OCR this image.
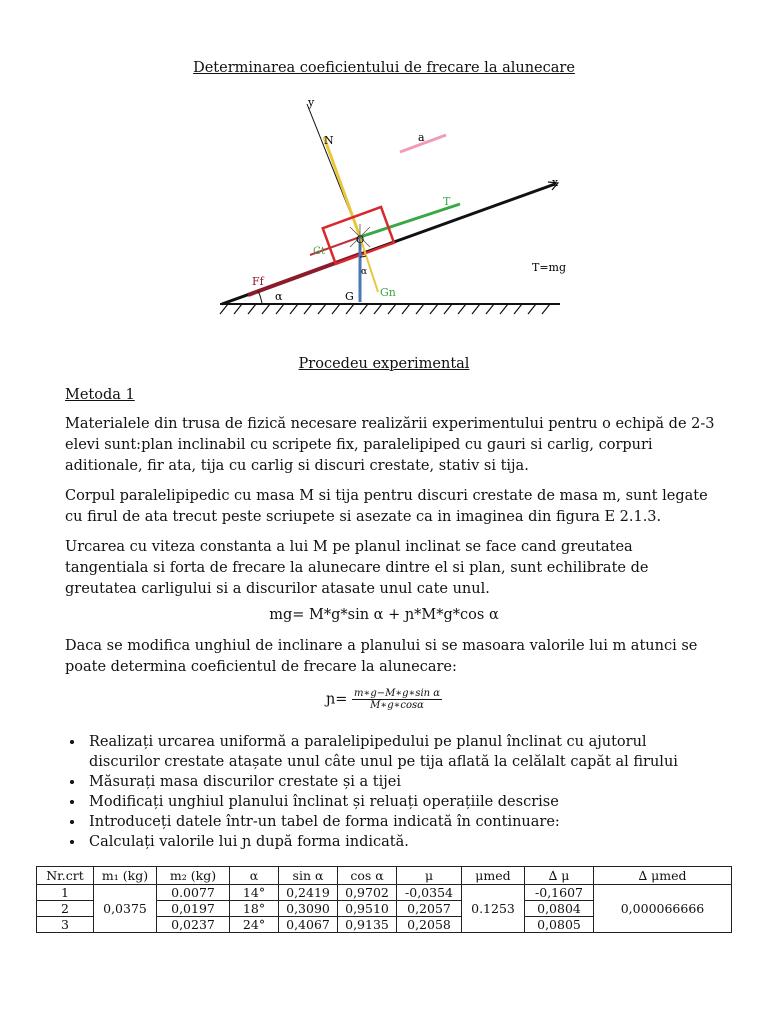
Determinarea coeficientului de frecare la alunecare
y
x
N	a
T
O
Gt
Ff
α
α
G Gn
T=mg
Procedeu experimental
Metoda 1
Materialele din trusa de fizică necesare realizării experimentului pentru o echipă de 2-3 elevi sunt:plan inclinabil cu scripete fix, paralelipiped cu gauri si carlig, corpuri aditionale, fir ata, tija cu carlig si discuri crestate, stativ si tija.
Corpul paralelipipedic cu masa M si tija pentru discuri crestate de masa m, sunt legate cu firul de ata trecut peste scriupete si asezate ca in imaginea din figura E 2.1.3.
Urcarea cu viteza constanta a lui M pe planul inclinat se face cand greutatea tangentiala si forta de frecare la alunecare dintre el si plan, sunt echilibrate de greutatea carligului si a discurilor atasate unul cate unul.
mg= M*g*sin α + ɲ*M*g*cos α
Daca se modifica unghiul de inclinare a planului si se masoara valorile lui m atunci se poate determina coeficientul de frecare la alunecare:
ɲ= $\frac{\text{m∗g−M∗g∗sin α}}{M∗g∗\cos\alpha}$
• Realizați urcarea uniformă a paralelipipedului pe planul înclinat cu ajutorul discurilor crestate atașate unul câte unul pe tija aflată la celălalt capăt al firului
• Măsurați masa discurilor crestate și a tijei
• Modificați unghiul planului înclinat și reluați operațiile descrise
• Introduceți datele într-un tabel de forma indicată în continuare:
• Calculați valorile lui ɲ după forma indicată.
Nr.crt	m₁ (kg)	m₂ (kg)	α	sin α	cos α	μ	μmed	∆ μ	∆ μmed
1	0,0375	0.0077	14°	0,2419	0,9702	-0,0354	0.1253	-0,1607	0,000066666
2		0,0197	18°	0,3090	0,9510	0,2057		0,0804	
3		0,0237	24°	0,4067	0,9135	0,2058		0,0805	
